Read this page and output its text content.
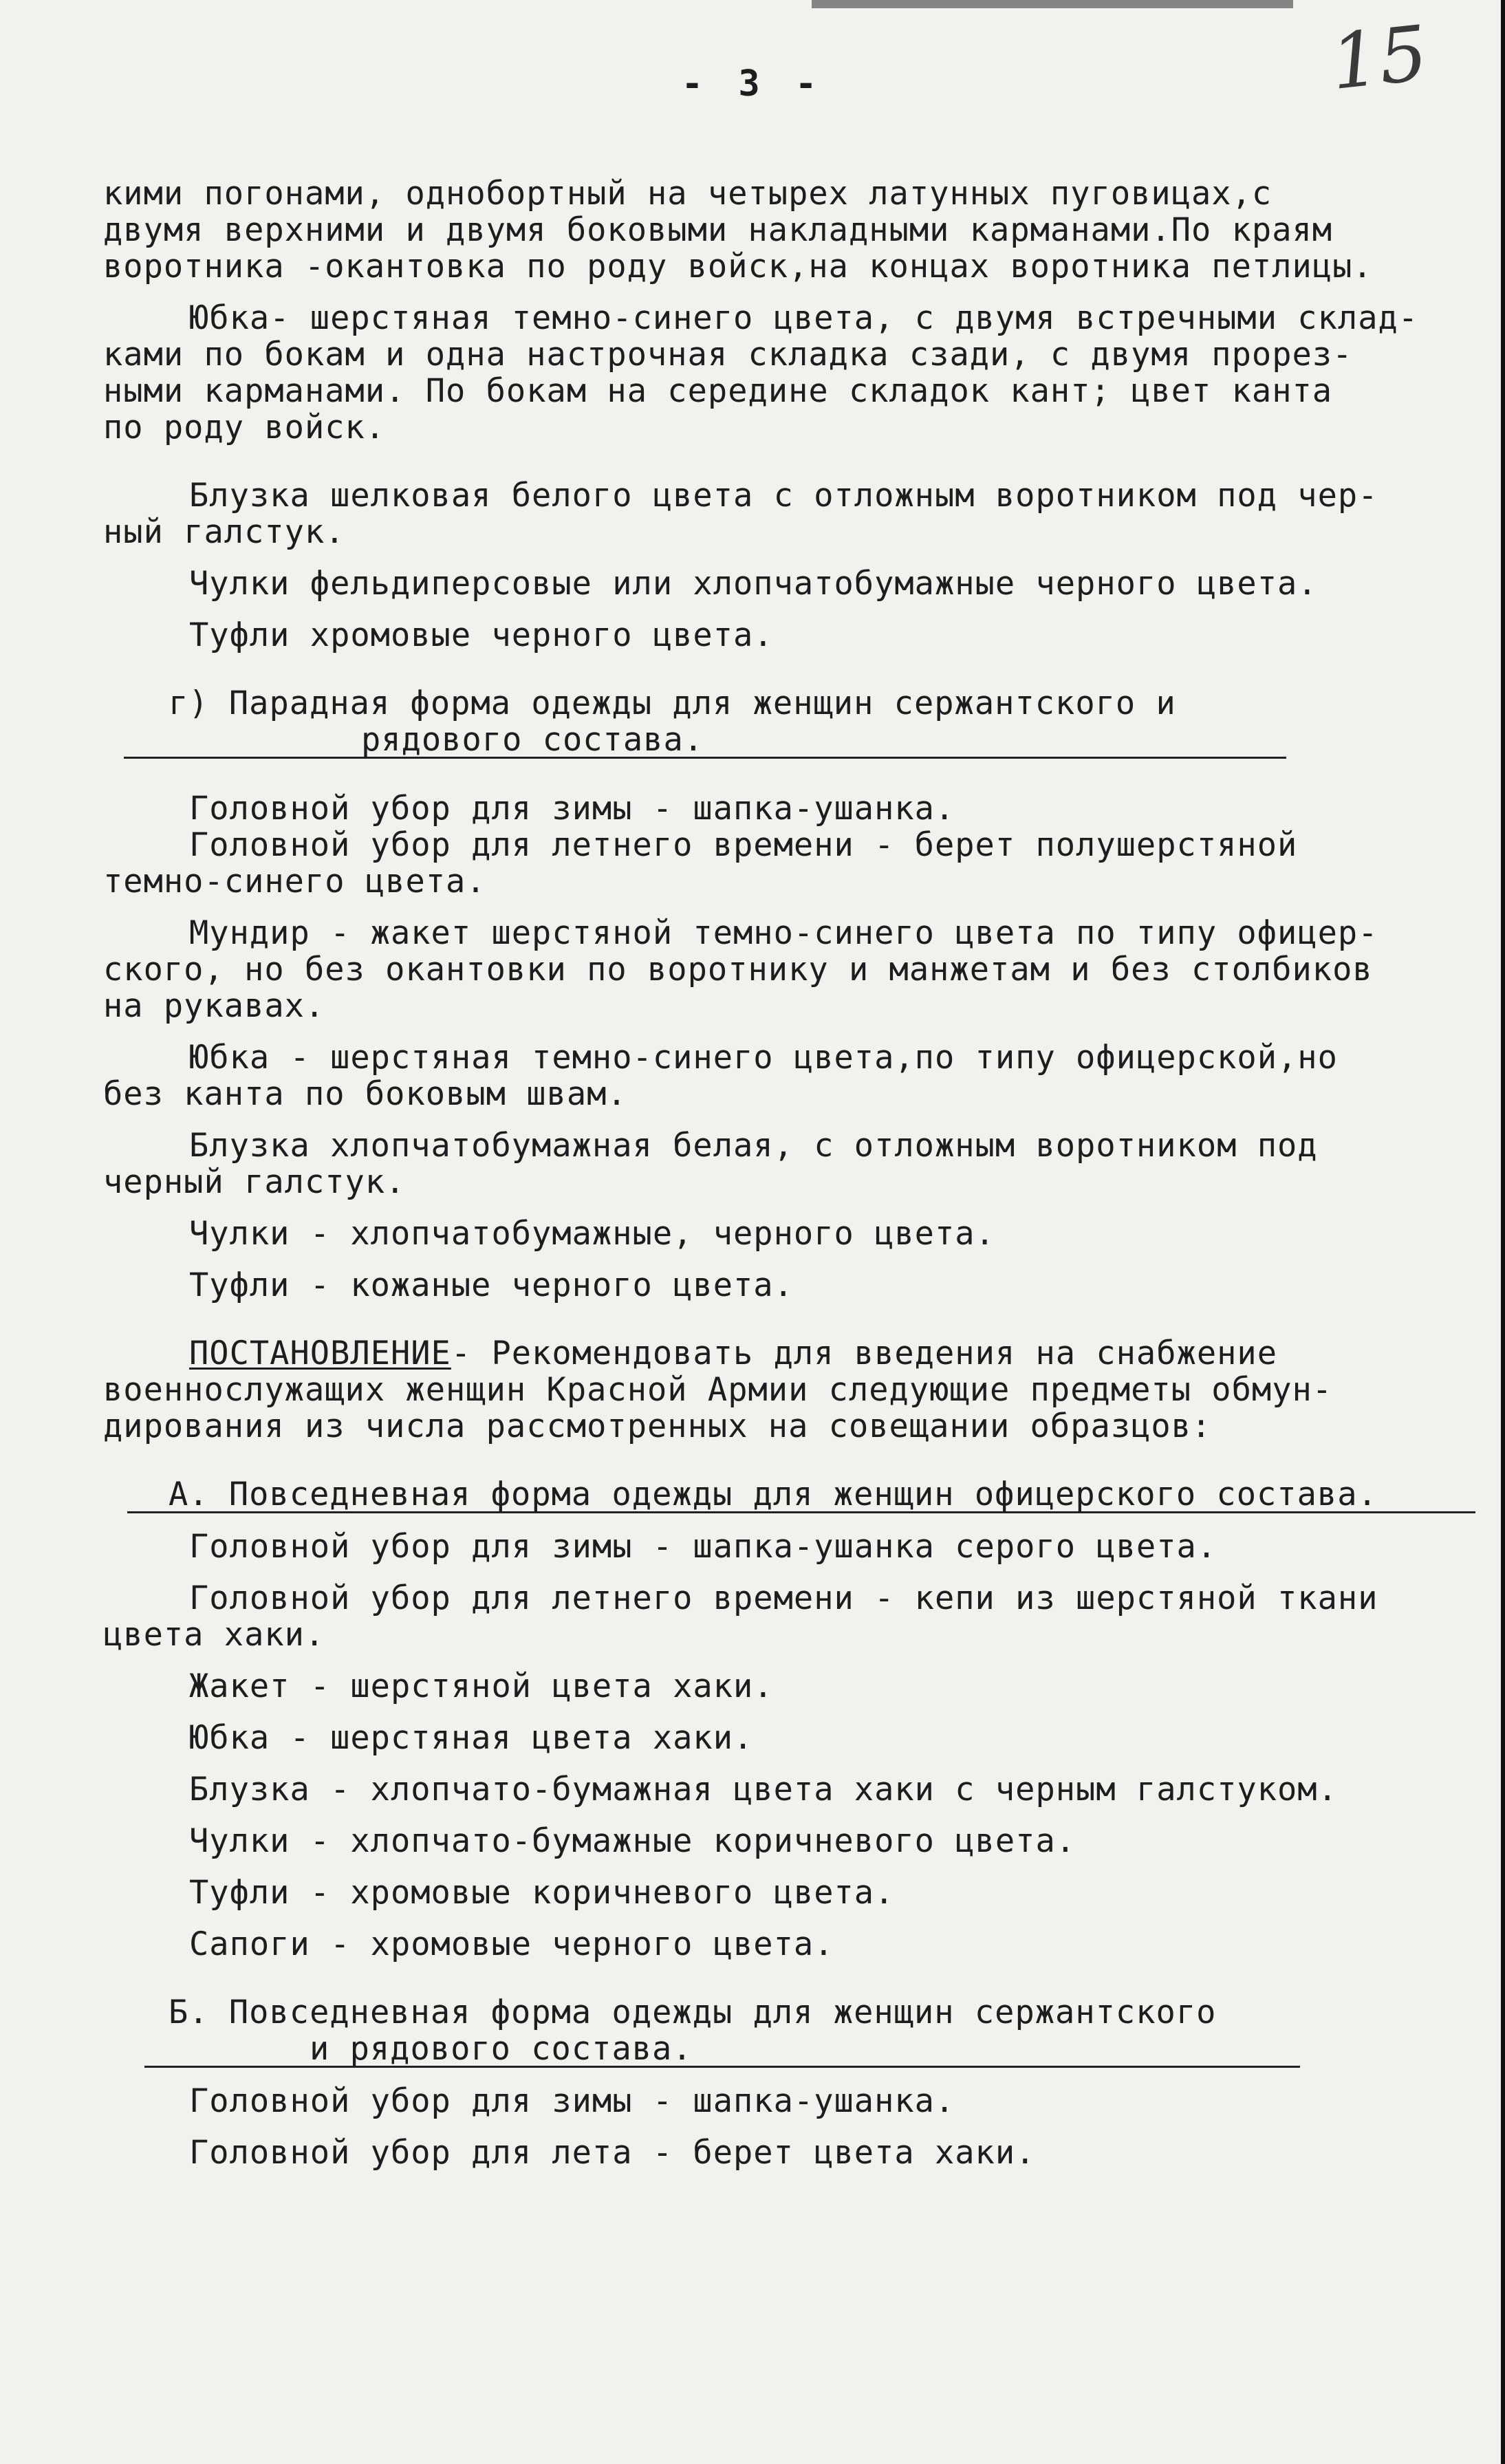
- 3 -	15

кими погонами, однобортный на четырех латунных пуговицах,с

двумя верхними и двумя боковыми накладными карманами.По краям

воротника -окантовка по роду войск,на концах воротника петлицы.

Юбка- шерстяная темно-синего цвета, с двумя встречными склад-

ками по бокам и одна настрочная складка сзади, с двумя прорез-

ными карманами. По бокам на середине складок кант; цвет канта

по роду войск.

Блузка шелковая белого цвета с отложным воротником под чер-

ный галстук.

Чулки фельдиперсовые или хлопчатобумажные черного цвета.

Туфли хромовые черного цвета.

г) Парадная форма одежды для женщин сержантского и

рядового состава.

Головной убор для зимы - шапка-ушанка.

Головной убор для летнего времени - берет полушерстяной

темно-синего цвета.

Мундир - жакет шерстяной темно-синего цвета по типу офицер-

ского, но без окантовки по воротнику и манжетам и без столбиков

на рукавах.

Юбка - шерстяная темно-синего цвета,по типу офицерской,но

без канта по боковым швам.

Блузка хлопчатобумажная белая, с отложным воротником под

черный галстук.

Чулки - хлопчатобумажные, черного цвета.

Туфли - кожаные черного цвета.

ПОСТАНОВЛЕНИЕ- Рекомендовать для введения на снабжение

военнослужащих женщин Красной Армии следующие предметы обмун-

дирования из числа рассмотренных на совещании образцов:

А. Повседневная форма одежды для женщин офицерского состава.

Головной убор для зимы - шапка-ушанка серого цвета.

Головной убор для летнего времени - кепи из шерстяной ткани

цвета хаки.

Жакет - шерстяной цвета хаки.

Юбка - шерстяная цвета хаки.

Блузка - хлопчато-бумажная цвета хаки с черным галстуком.

Чулки - хлопчато-бумажные коричневого цвета.

Туфли - хромовые коричневого цвета.

Сапоги - хромовые черного цвета.

Б. Повседневная форма одежды для женщин сержантского

и рядового состава.

Головной убор для зимы - шапка-ушанка.

Головной убор для лета - берет цвета хаки.
